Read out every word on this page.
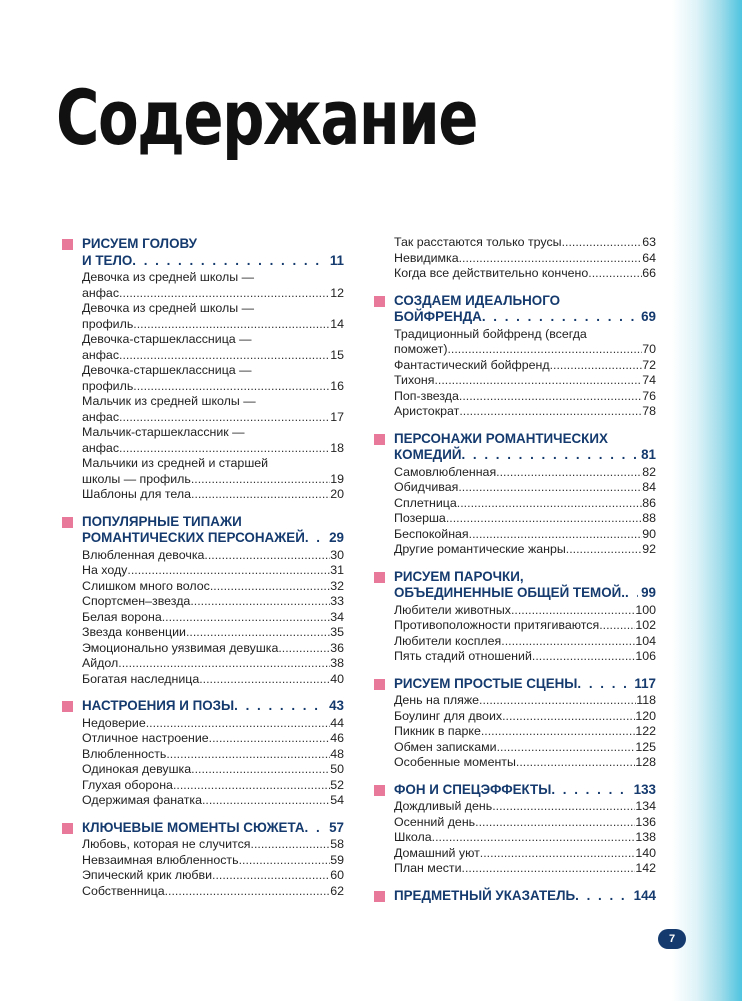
Содержание
РИСУЕМ ГОЛОВУ
И ТЕЛО . . .	11
Девочка из средней школы —
анфас .....	12
Девочка из средней школы —
профиль .....	14
Девочка-старшеклассница —
анфас .....	15
Девочка-старшеклассница —
профиль .....	16
Мальчик из средней школы —
анфас .....	17
Мальчик-старшеклассник —
анфас .....	18
Мальчики из средней и старшей
школы — профиль .....	19
Шаблоны для тела .....	20
ПОПУЛЯРНЫЕ ТИПАЖИ
РОМАНТИЧЕСКИХ ПЕРСОНАЖЕЙ . . . 29
Влюбленная девочка .....	30
На ходу .....	31
Слишком много волос .....	32
Спортсмен–звезда .....	33
Белая ворона .....	34
Звезда конвенции .....	35
Эмоционально уязвимая девушка .....	36
Айдол .....	38
Богатая наследница .....	40
НАСТРОЕНИЯ И ПОЗЫ . . .	43
Недоверие .....	44
Отличное настроение .....	46
Влюбленность .....	48
Одинокая девушка .....	50
Глухая оборона .....	52
Одержимая фанатка .....	54
КЛЮЧЕВЫЕ МОМЕНТЫ СЮЖЕТА . . . 57
Любовь, которая не случится .....	58
Невзаимная влюбленность .....	59
Эпический крик любви .....	60
Собственница .....	62
Так расстаются только трусы .....	63
Невидимка .....	64
Когда все действительно кончено .....	66
СОЗДАЕМ ИДЕАЛЬНОГО
БОЙФРЕНДА . . .	69
Традиционный бойфренд (всегда
поможет) .....	70
Фантастический бойфренд .....	72
Тихоня .....	74
Поп-звезда .....	76
Аристократ .....	78
ПЕРСОНАЖИ РОМАНТИЧЕСКИХ
КОМЕДИЙ . . .	81
Самовлюбленная .....	82
Обидчивая .....	84
Сплетница .....	86
Позерша .....	88
Беспокойная .....	90
Другие романтические жанры .....	92
РИСУЕМ ПАРОЧКИ,
ОБЪЕДИНЕННЫЕ ОБЩЕЙ ТЕМОЙ. . . . 99
Любители животных .....	100
Противоположности притягиваются .....	102
Любители косплея .....	104
Пять стадий отношений .....	106
РИСУЕМ ПРОСТЫЕ СЦЕНЫ . . .	117
День на пляже .....	118
Боулинг для двоих .....	120
Пикник в парке .....	122
Обмен записками .....	125
Особенные моменты .....	128
ФОН И СПЕЦЭФФЕКТЫ . . .	133
Дождливый день .....	134
Осенний день .....	136
Школа .....	138
Домашний уют .....	140
План мести .....	142
ПРЕДМЕТНЫЙ УКАЗАТЕЛЬ . . .	144
7
